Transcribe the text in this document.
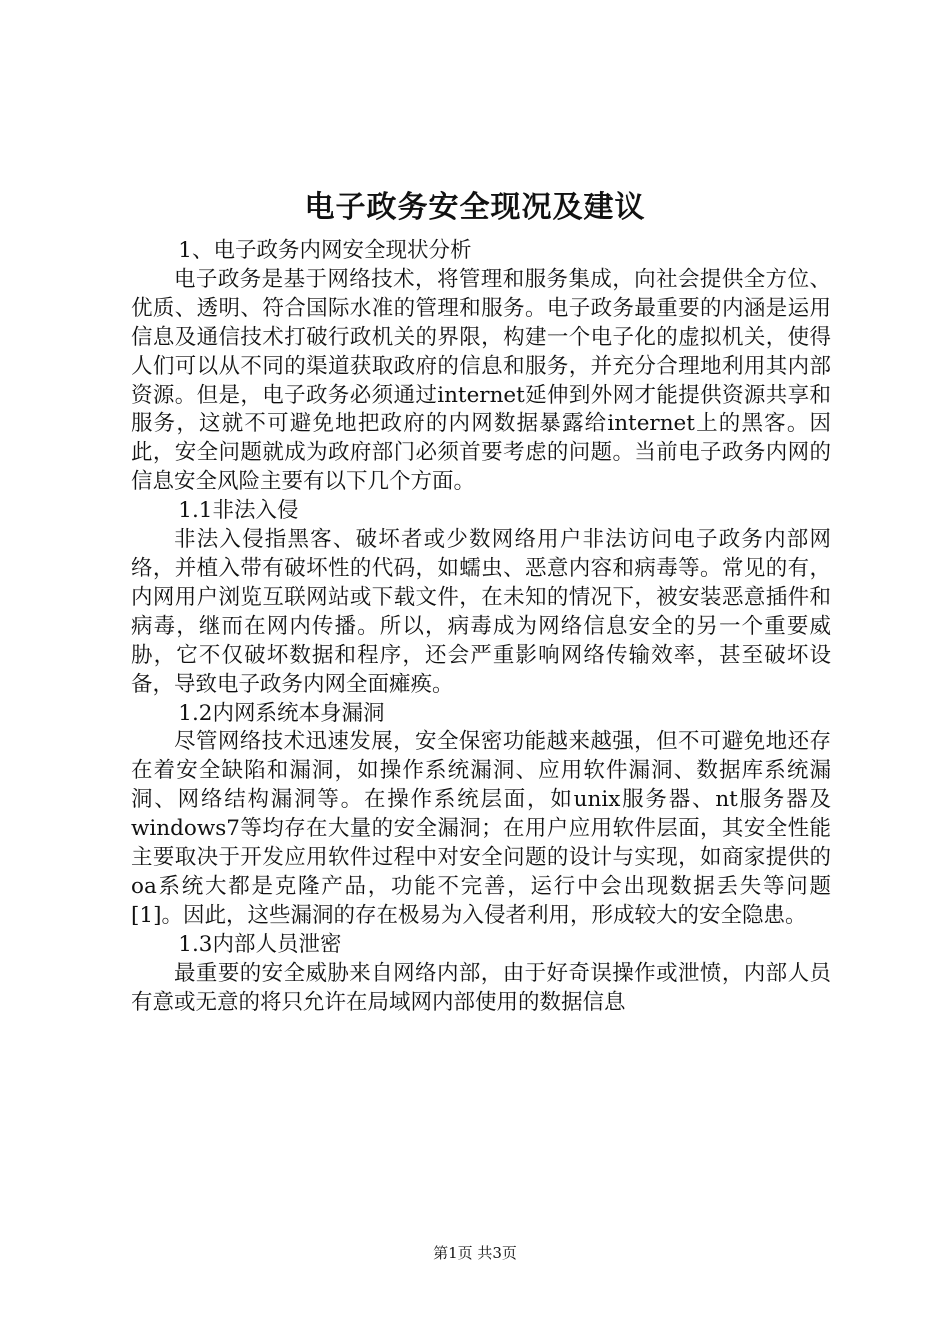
电子政务安全现况及建议

1、电子政务内网安全现状分析

电子政务是基于网络技术，将管理和服务集成，向社会提供全方位、优质、透明、符合国际水准的管理和服务。电子政务最重要的内涵是运用信息及通信技术打破行政机关的界限，构建一个电子化的虚拟机关，使得人们可以从不同的渠道获取政府的信息和服务，并充分合理地利用其内部资源。但是，电子政务必须通过internet延伸到外网才能提供资源共享和服务，这就不可避免地把政府的内网数据暴露给internet上的黑客。因此，安全问题就成为政府部门必须首要考虑的问题。当前电子政务内网的信息安全风险主要有以下几个方面。

1.1非法入侵

非法入侵指黑客、破坏者或少数网络用户非法访问电子政务内部网络，并植入带有破坏性的代码，如蠕虫、恶意内容和病毒等。常见的有，内网用户浏览互联网站或下载文件，在未知的情况下，被安装恶意插件和病毒，继而在网内传播。所以，病毒成为网络信息安全的另一个重要威胁，它不仅破坏数据和程序，还会严重影响网络传输效率，甚至破坏设备，导致电子政务内网全面瘫痪。

1.2内网系统本身漏洞

尽管网络技术迅速发展，安全保密功能越来越强，但不可避免地还存在着安全缺陷和漏洞，如操作系统漏洞、应用软件漏洞、数据库系统漏洞、网络结构漏洞等。在操作系统层面，如unix服务器、nt服务器及windows7等均存在大量的安全漏洞；在用户应用软件层面，其安全性能主要取决于开发应用软件过程中对安全问题的设计与实现，如商家提供的oa系统大都是克隆产品，功能不完善，运行中会出现数据丢失等问题[1]。因此，这些漏洞的存在极易为入侵者利用，形成较大的安全隐患。

1.3内部人员泄密

最重要的安全威胁来自网络内部，由于好奇误操作或泄愤，内部人员有意或无意的将只允许在局域网内部使用的数据信息

第1页 共3页
